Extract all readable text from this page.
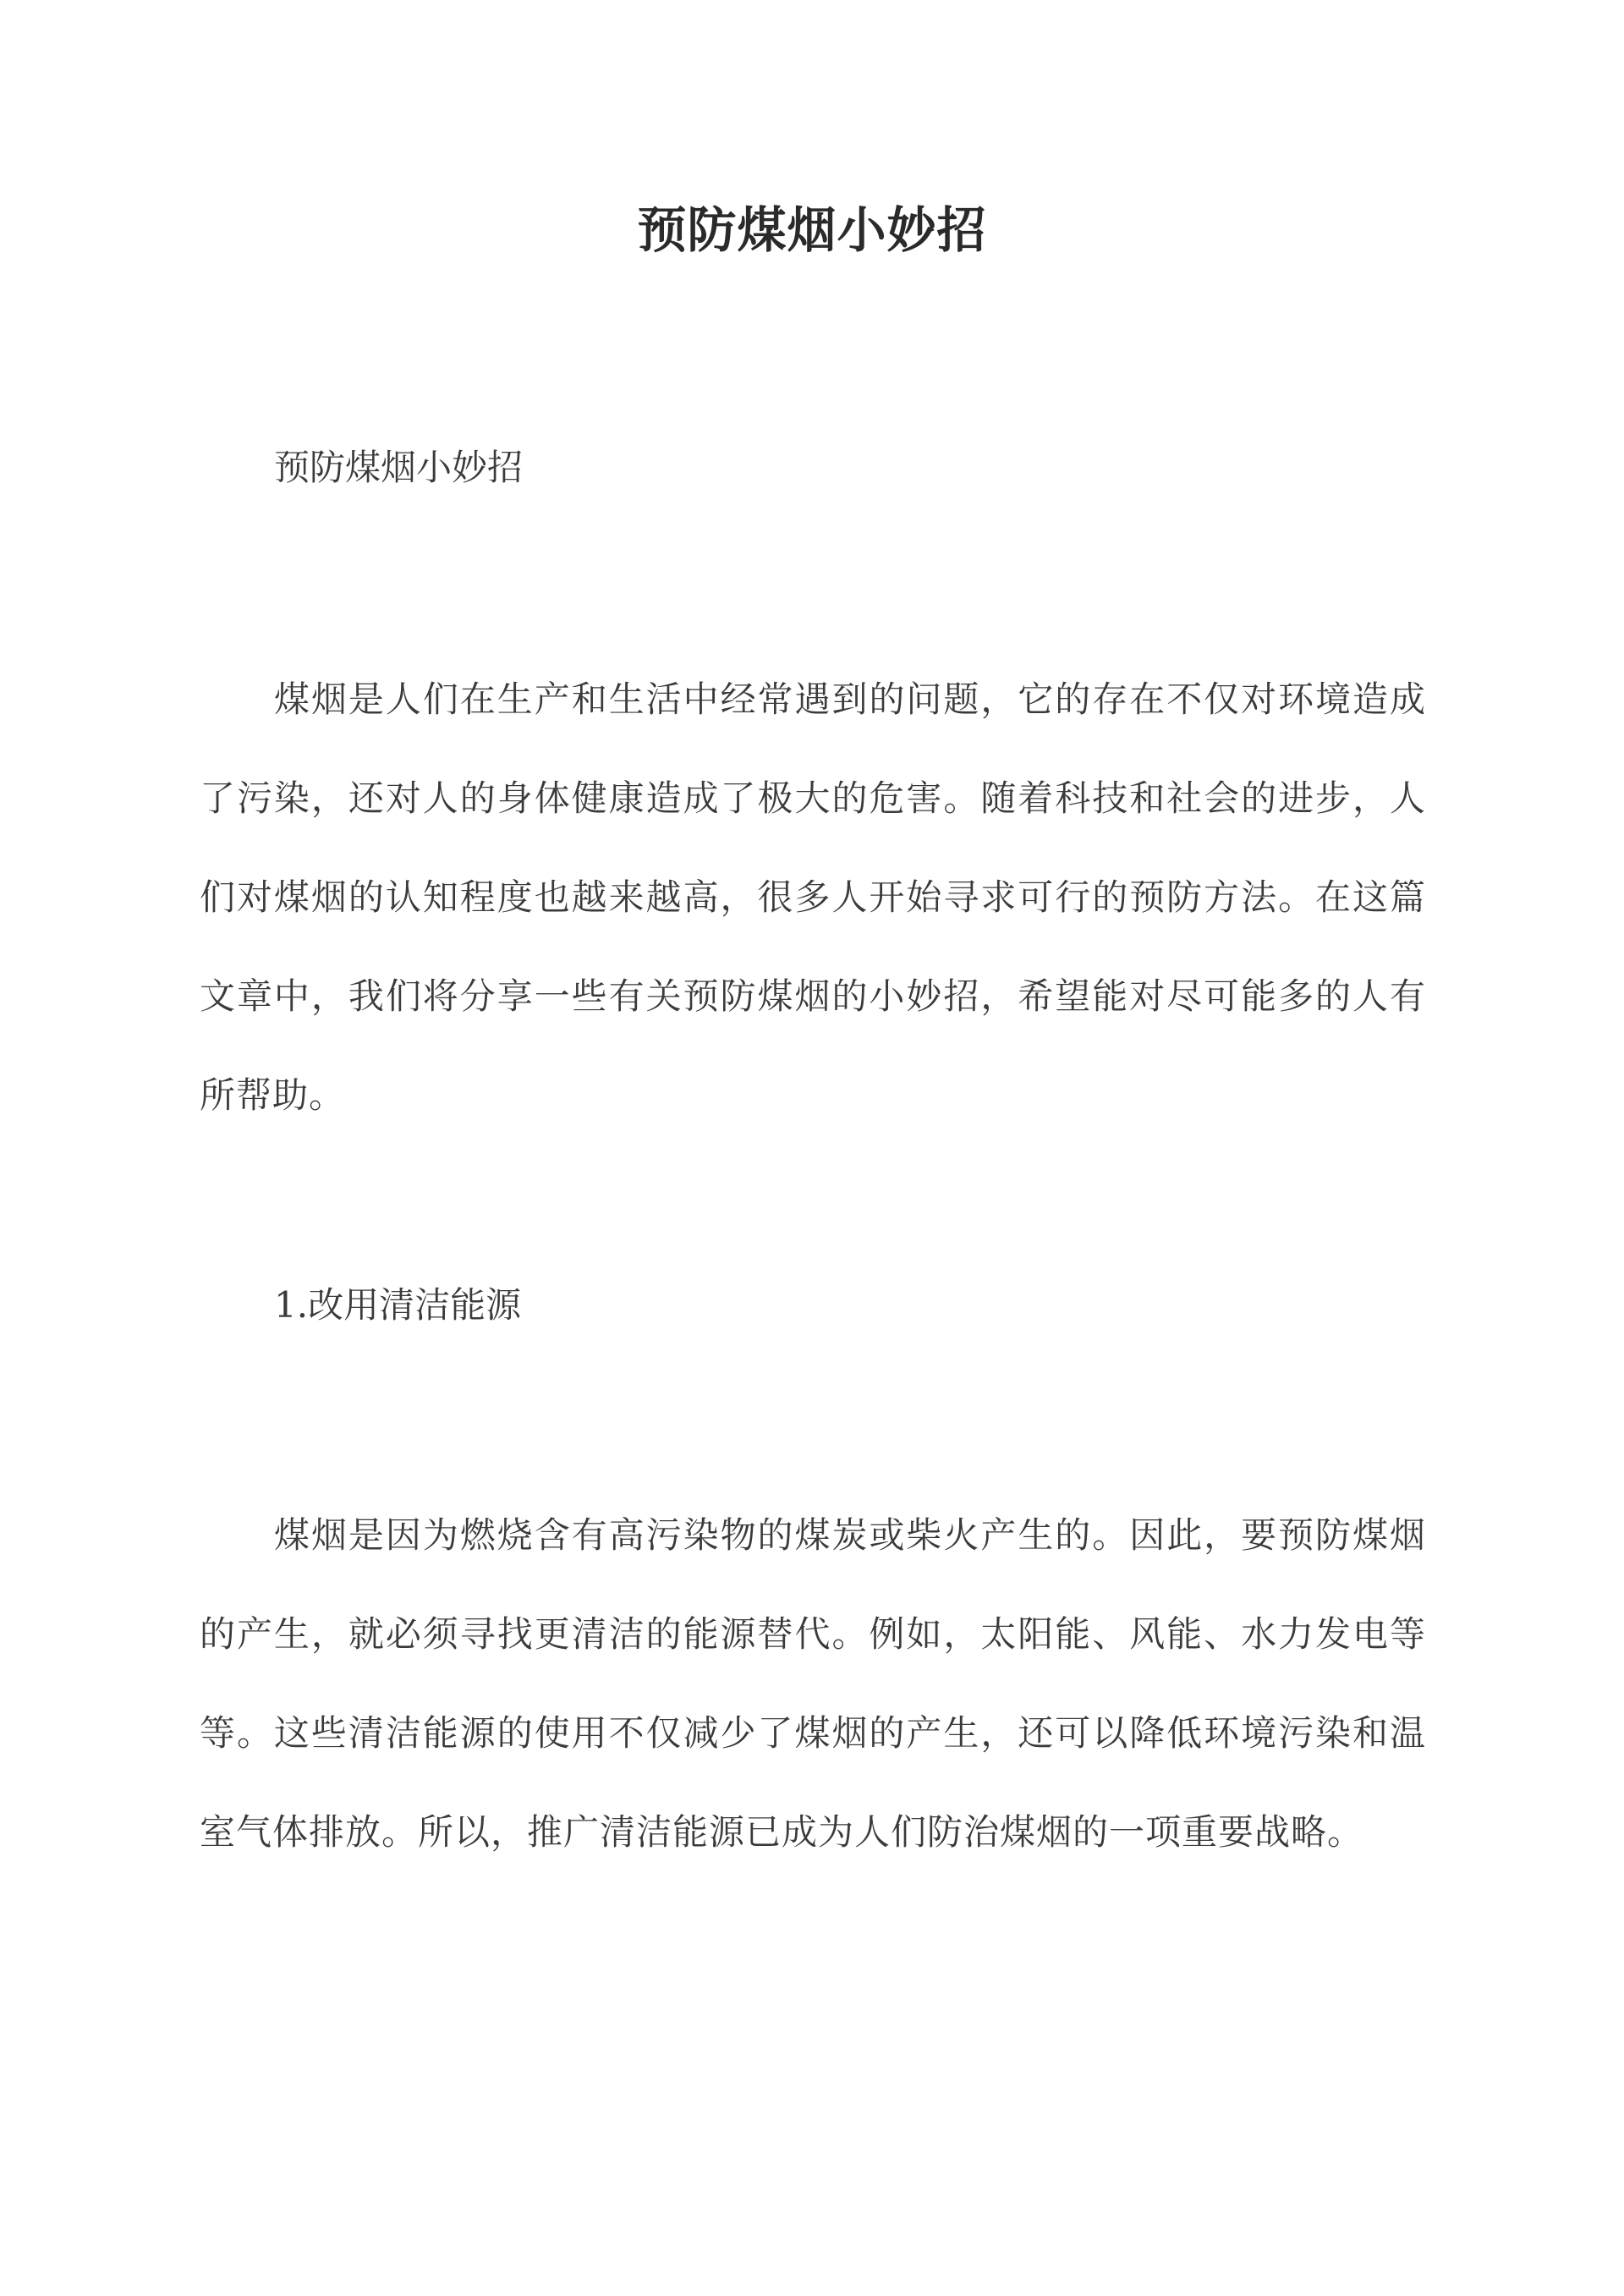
预防煤烟小妙招
预防煤烟小妙招

煤烟是人们在生产和生活中经常遇到的问题，它的存在不仅对环境造成了污染，还对人的身体健康造成了极大的危害。随着科技和社会的进步，人们对煤烟的认知程度也越来越高，很多人开始寻求可行的预防方法。在这篇文章中，我们将分享一些有关预防煤烟的小妙招，希望能对尽可能多的人有所帮助。

1.改用清洁能源

煤烟是因为燃烧含有高污染物的煤炭或柴火产生的。因此，要预防煤烟的产生，就必须寻找更清洁的能源替代。例如，太阳能、风能、水力发电等等。这些清洁能源的使用不仅减少了煤烟的产生，还可以降低环境污染和温室气体排放。所以，推广清洁能源已成为人们防治煤烟的一项重要战略。
